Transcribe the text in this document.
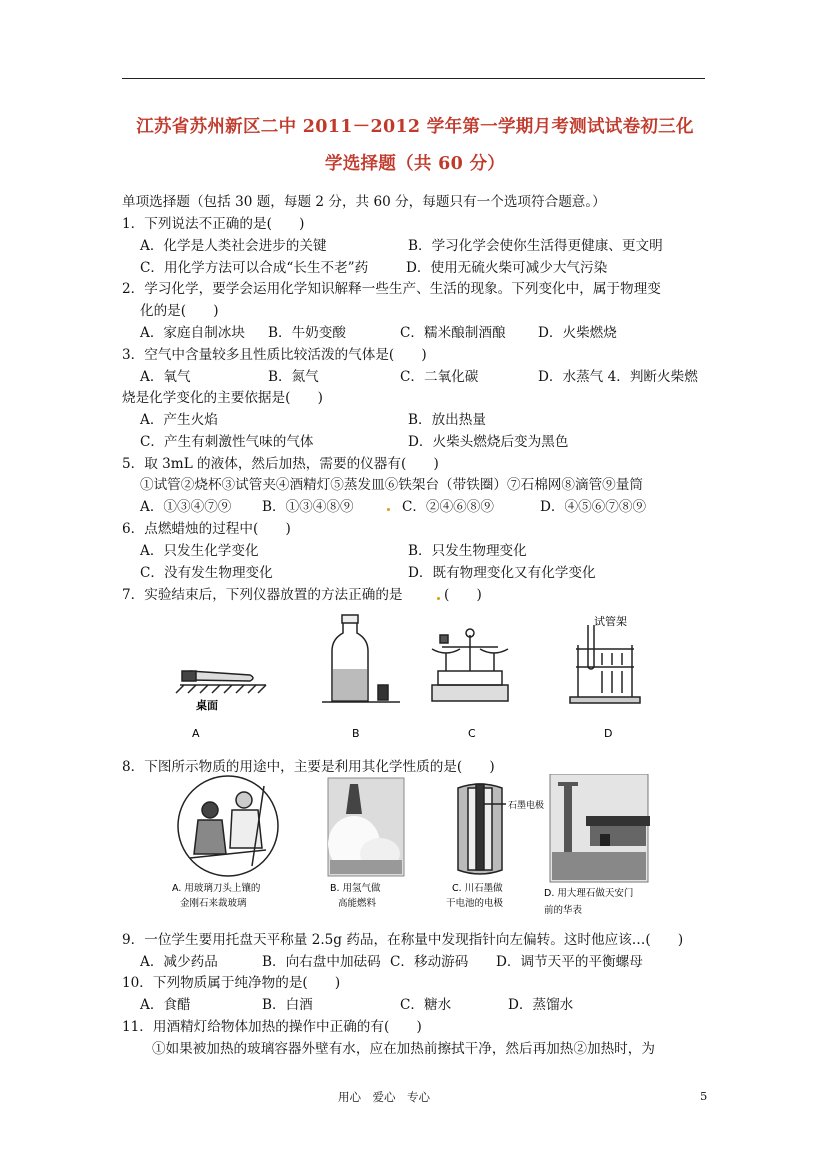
江苏省苏州新区二中 2011－2012 学年第一学期月考测试试卷初三化
学选择题（共 60 分）
单项选择题（包括 30 题，每题 2 分，共 60 分，每题只有一个选项符合题意。）
1．下列说法不正确的是(　　)
A．化学是人类社会进步的关键	B．学习化学会使你生活得更健康、更文明
C．用化学方法可以合成“长生不老”药	D．使用无硫火柴可减少大气污染
2．学习化学，要学会运用化学知识解释一些生产、生活的现象。下列变化中，属于物理变
化的是(　　)
A．家庭自制冰块 B．牛奶变酸	C．糯米酿制酒酿 D．火柴燃烧
3．空气中含量较多且性质比较活泼的气体是(　　)
A．氧气	B．氮气	C．二氧化碳	D．水蒸气 4．判断火柴燃
烧是化学变化的主要依据是(　　)
A．产生火焰	B．放出热量
C．产生有刺激性气味的气体	D．火柴头燃烧后变为黑色
5．取 3mL 的液体，然后加热，需要的仪器有(　　)
①试管②烧杯③试管夹④酒精灯⑤蒸发皿⑥铁架台（带铁圈）⑦石棉网⑧滴管⑨量筒
A．①③④⑦⑨ B．①③④⑧⑨	C．②④⑥⑧⑨	D．④⑤⑥⑦⑧⑨
6．点燃蜡烛的过程中(　　)
A．只发生化学变化	B．只发生物理变化
C．没有发生物理变化	D．既有物理变化又有化学变化
7．实验结束后，下列仪器放置的方法正确的是	(　　)
桌面
试管架
A	B	C	D
8．下图所示物质的用途中，主要是利用其化学性质的是(　　)
石墨电极
A. 用玻璃刀头上镶的
金刚石来裁玻璃
B. 用氢气做
高能燃料
C. 川石墨做
干电池的电极
D. 用大理石做天安门
前的华表
9．一位学生要用托盘天平称量 2.5g 药品，在称量中发现指针向左偏转。这时他应该…(　　)
A．减少药品	B．向右盘中加砝码 C．移动游码 D．调节天平的平衡螺母
10．下列物质属于纯净物的是(　　)
A．食醋	B．白酒	C．糖水	D．蒸馏水
11．用酒精灯给物体加热的操作中正确的有(　　)
①如果被加热的玻璃容器外壁有水，应在加热前擦拭干净，然后再加热②加热时，为
用心　爱心　专心	5
